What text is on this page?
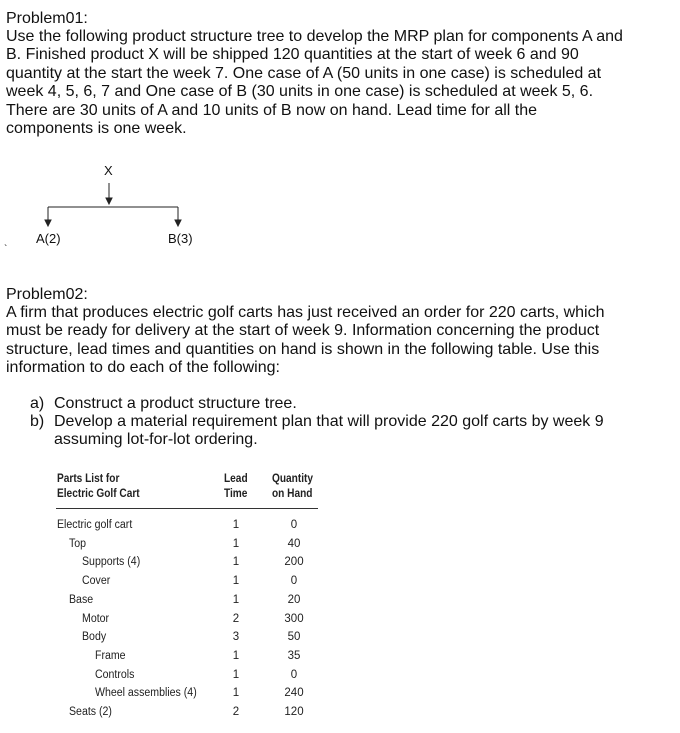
Problem01:
Use the following product structure tree to develop the MRP plan for components A and
B. Finished product X will be shipped 120 quantities at the start of week 6 and 90
quantity at the start the week 7. One case of A (50 units in one case) is scheduled at
week 4, 5, 6, 7 and One case of B (30 units in one case) is scheduled at week 5, 6.
There are 30 units of A and 10 units of B now on hand. Lead time for all the
components is one week.
X
A(2)	B(3)
`
Problem02:
A firm that produces electric golf carts has just received an order for 220 carts, which
must be ready for delivery at the start of week 9. Information concerning the product
structure, lead times and quantities on hand is shown in the following table. Use this
information to do each of the following:
a) Construct a product structure tree.
b) Develop a material requirement plan that will provide 220 golf carts by week 9
assuming lot-for-lot ordering.
Parts List for
Electric Golf Cart
Lead
Time
Quantity
on Hand
Electric golf cart	1	0
Top	1	40
Supports (4)	1	200
Cover	1	0
Base	1	20
Motor	2	300
Body	3	50
Frame	1	35
Controls	1	0
Wheel assemblies (4)	1	240
Seats (2)	2	120
